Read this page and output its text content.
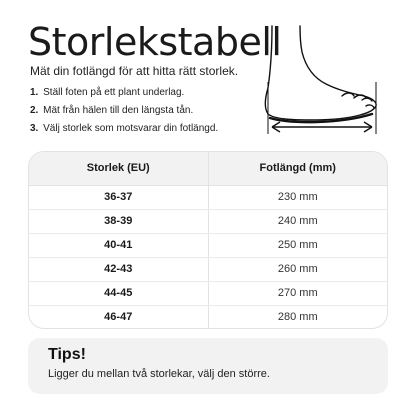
Storlekstabell
Mät din fotlängd för att hitta rätt storlek.
1. Ställ foten på ett plant underlag.
2. Mät från hälen till den längsta tån.
3. Välj storlek som motsvarar din fotlängd.
Storlek (EU)	Fotlängd (mm)
36-37	230 mm
38-39	240 mm
40-41	250 mm
42-43	260 mm
44-45	270 mm
46-47	280 mm
Tips!
Ligger du mellan två storlekar, välj den större.
